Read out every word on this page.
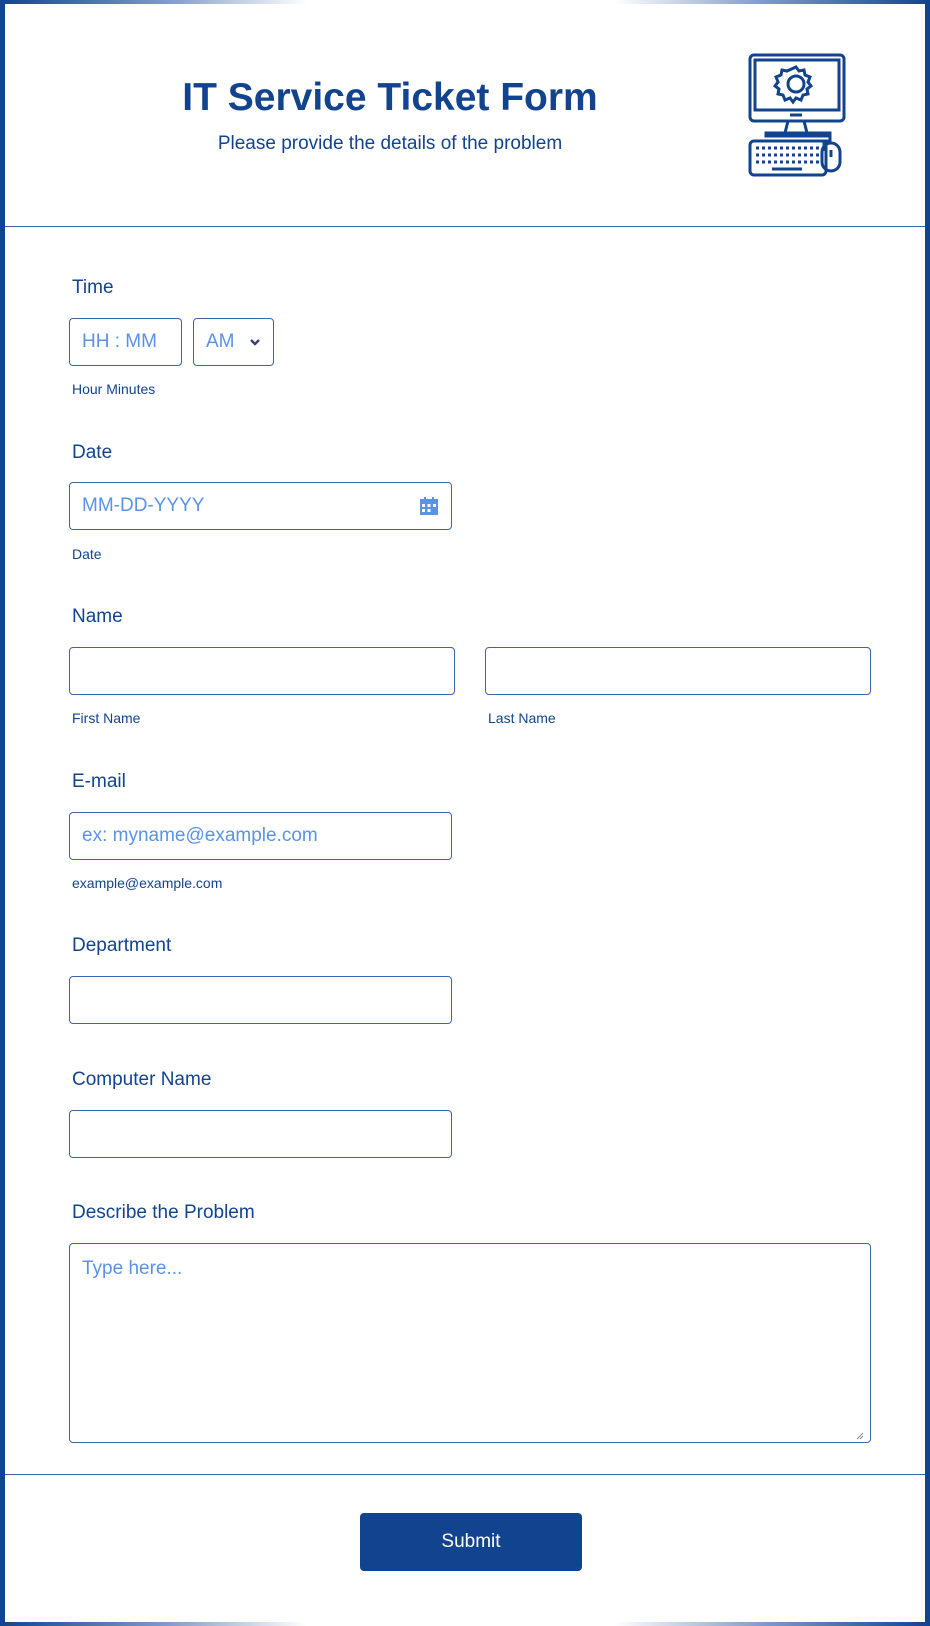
IT Service Ticket Form
Please provide the details of the problem
Time
HH : MM
AM
Hour Minutes
Date
MM-DD-YYYY
Date
Name
First Name	Last Name
E-mail
ex: myname@example.com
example@example.com
Department
Computer Name
Describe the Problem
Type here...
Submit
